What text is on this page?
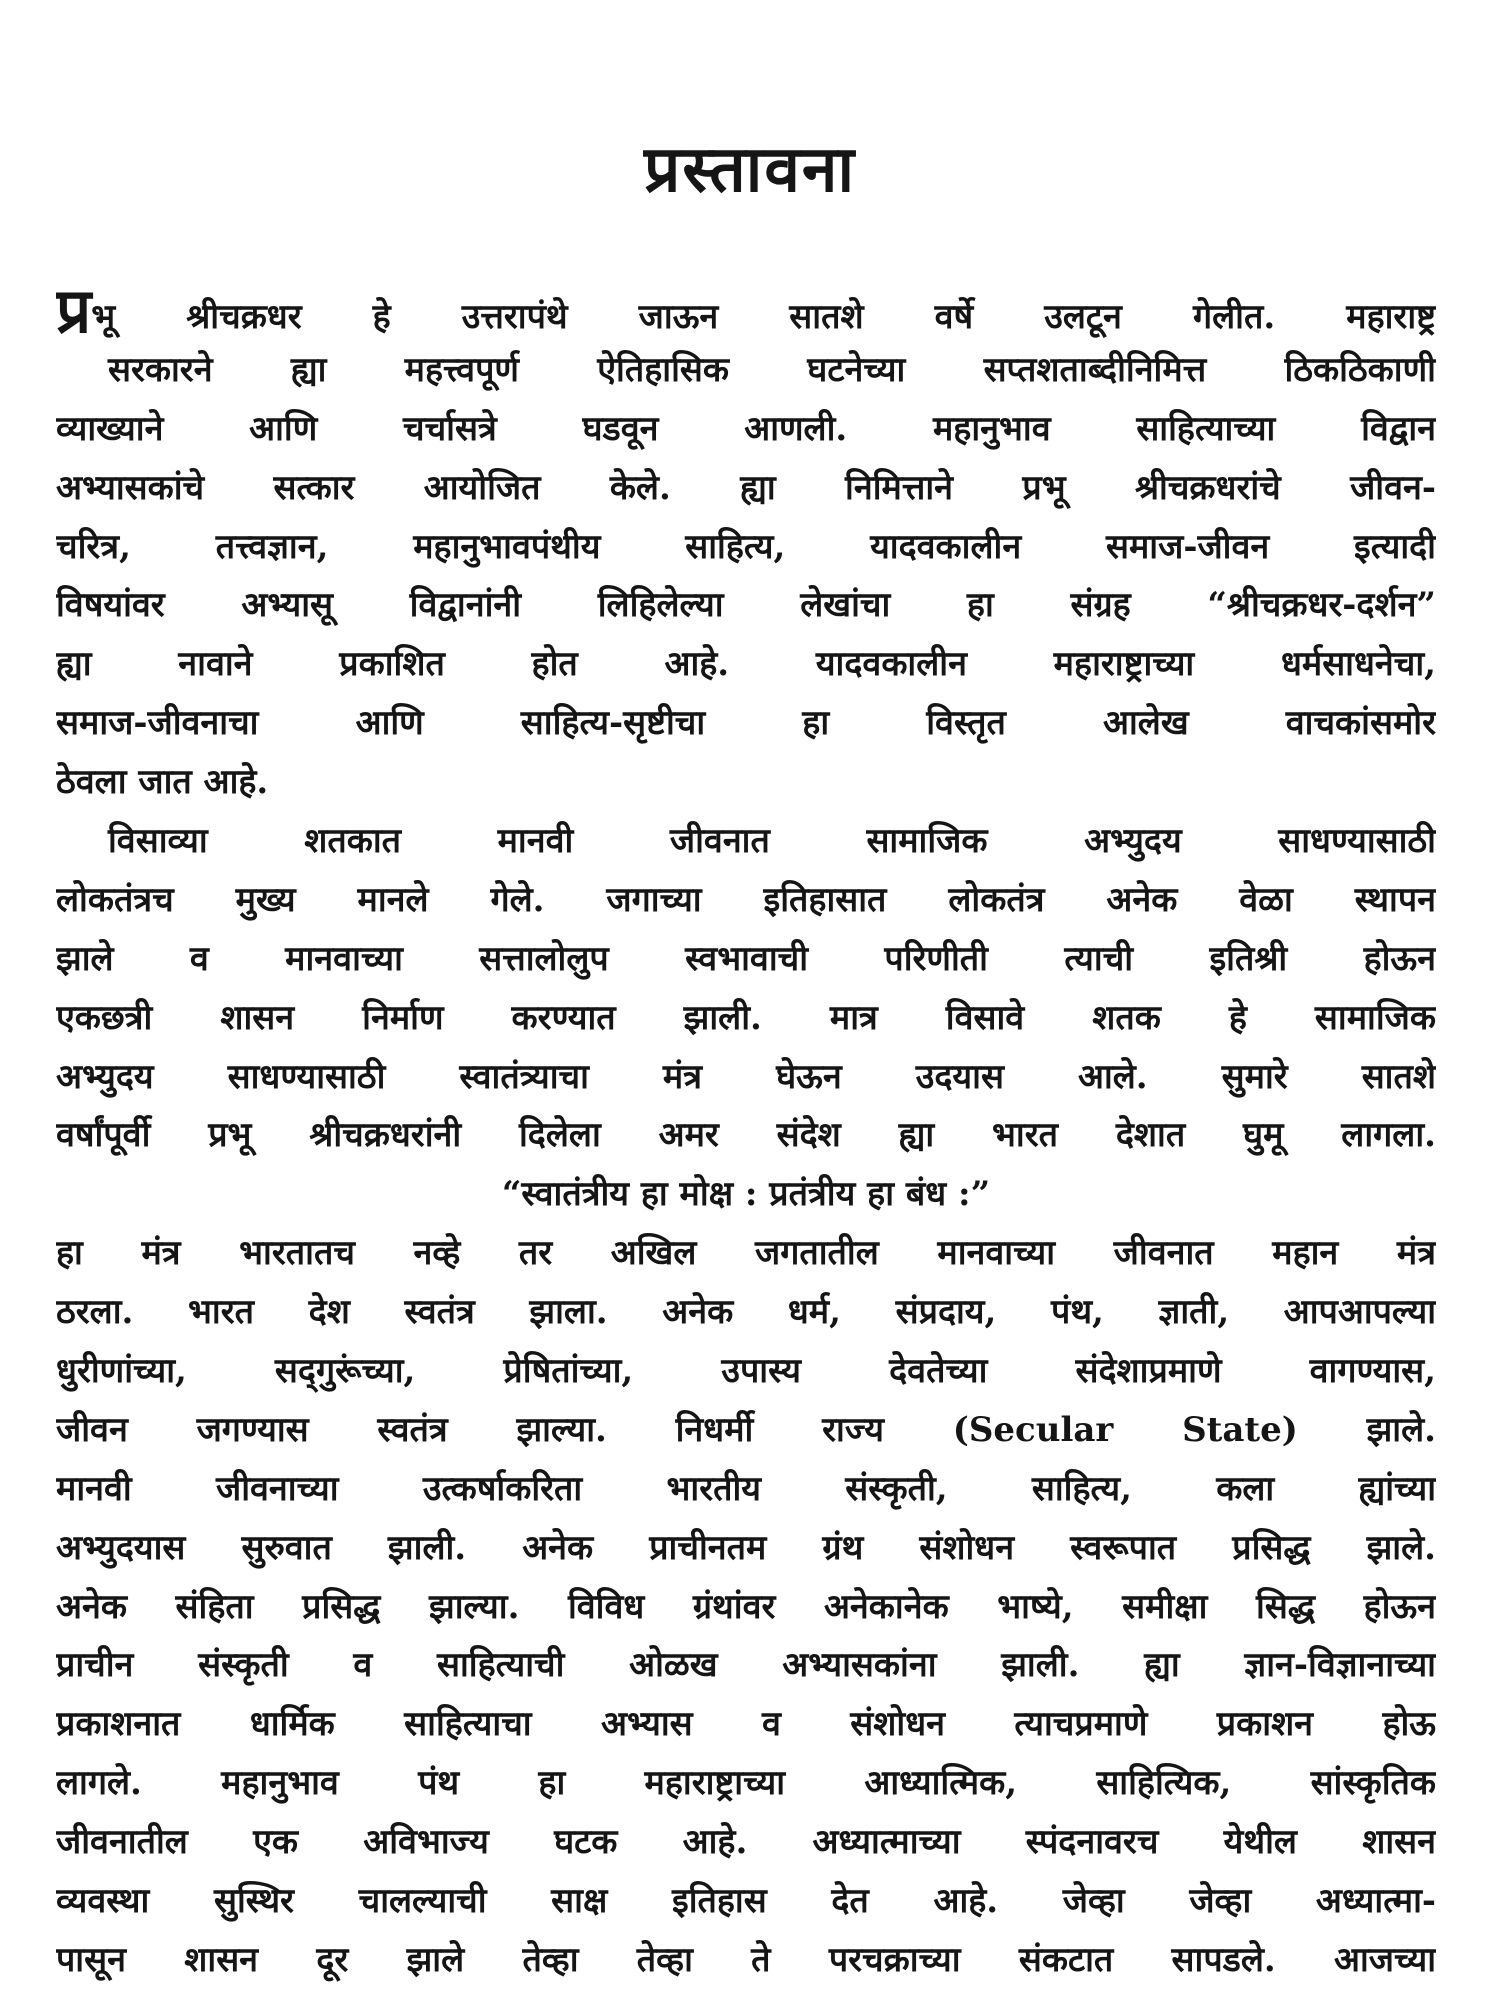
प्रस्तावना
प्रभू श्रीचक्रधर हे उत्तरापंथे जाऊन सातशे वर्षे उलटून गेलीत. महाराष्ट्र
सरकारने ह्या महत्त्वपूर्ण ऐतिहासिक घटनेच्या सप्तशताब्दीनिमित्त ठिकठिकाणी
व्याख्याने आणि चर्चासत्रे घडवून आणली. महानुभाव साहित्याच्या विद्वान
अभ्यासकांचे सत्कार आयोजित केले. ह्या निमित्ताने प्रभू श्रीचक्रधरांचे जीवन-
चरित्र, तत्त्वज्ञान, महानुभावपंथीय साहित्य, यादवकालीन समाज-जीवन इत्यादी
विषयांवर अभ्यासू विद्वानांनी लिहिलेल्या लेखांचा हा संग्रह “श्रीचक्रधर-दर्शन”
ह्या नावाने प्रकाशित होत आहे. यादवकालीन महाराष्ट्राच्या धर्मसाधनेचा,
समाज-जीवनाचा आणि साहित्य-सृष्टीचा हा विस्तृत आलेख वाचकांसमोर
ठेवला जात आहे.
विसाव्या शतकात मानवी जीवनात सामाजिक अभ्युदय साधण्यासाठी
लोकतंत्रच मुख्य मानले गेले. जगाच्या इतिहासात लोकतंत्र अनेक वेळा स्थापन
झाले व मानवाच्या सत्तालोलुप स्वभावाची परिणीती त्याची इतिश्री होऊन
एकछत्री शासन निर्माण करण्यात झाली. मात्र विसावे शतक हे सामाजिक
अभ्युदय साधण्यासाठी स्वातंत्र्याचा मंत्र घेऊन उदयास आले. सुमारे सातशे
वर्षांपूर्वी प्रभू श्रीचक्रधरांनी दिलेला अमर संदेश ह्या भारत देशात घुमू लागला.
“स्वातंत्रीय हा मोक्ष : प्रतंत्रीय हा बंध :”
हा मंत्र भारतातच नव्हे तर अखिल जगतातील मानवाच्या जीवनात महान मंत्र
ठरला. भारत देश स्वतंत्र झाला. अनेक धर्म, संप्रदाय, पंथ, ज्ञाती, आपआपल्या
धुरीणांच्या, सद्‌गुरूंच्या, प्रेषितांच्या, उपास्य देवतेच्या संदेशाप्रमाणे वागण्यास,
जीवन जगण्यास स्वतंत्र झाल्या. निधर्मी राज्य (Secular State) झाले.
मानवी जीवनाच्या उत्कर्षाकरिता भारतीय संस्कृती, साहित्य, कला ह्यांच्या
अभ्युदयास सुरुवात झाली. अनेक प्राचीनतम ग्रंथ संशोधन स्वरूपात प्रसिद्ध झाले.
अनेक संहिता प्रसिद्ध झाल्या. विविध ग्रंथांवर अनेकानेक भाष्ये, समीक्षा सिद्ध होऊन
प्राचीन संस्कृती व साहित्याची ओळख अभ्यासकांना झाली. ह्या ज्ञान-विज्ञानाच्या
प्रकाशनात धार्मिक साहित्याचा अभ्यास व संशोधन त्याचप्रमाणे प्रकाशन होऊ
लागले. महानुभाव पंथ हा महाराष्ट्राच्या आध्यात्मिक, साहित्यिक, सांस्कृतिक
जीवनातील एक अविभाज्य घटक आहे. अध्यात्माच्या स्पंदनावरच येथील शासन
व्यवस्था सुस्थिर चालल्याची साक्ष इतिहास देत आहे. जेव्हा जेव्हा अध्यात्मा-
पासून शासन दूर झाले तेव्हा तेव्हा ते परचक्राच्या संकटात सापडले. आजच्या
